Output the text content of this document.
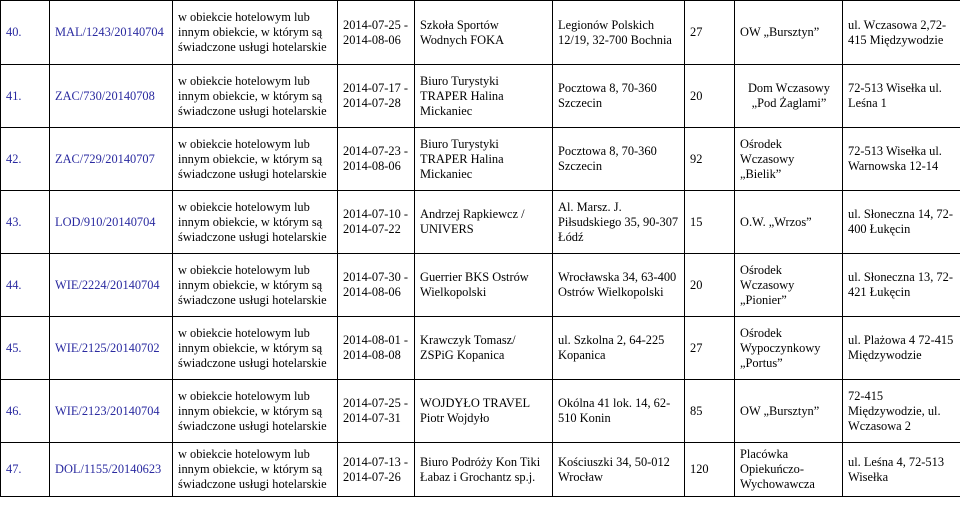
40.	MAL/1243/20140704	w obiekcie hotelowym lub innym obiekcie, w którym są świadczone usługi hotelarskie	2014-07-25 - 2014-08-06	Szkoła Sportów Wodnych FOKA	Legionów Polskich 12/19, 32-700 Bochnia	27	OW „Bursztyn”	ul. Wczasowa 2,72-415 Międzywodzie
41.	ZAC/730/20140708	w obiekcie hotelowym lub innym obiekcie, w którym są świadczone usługi hotelarskie	2014-07-17 - 2014-07-28	Biuro Turystyki TRAPER Halina Mickaniec	Pocztowa 8, 70-360 Szczecin	20	Dom Wczasowy „Pod Żaglami”	72-513 Wisełka ul. Leśna 1
42.	ZAC/729/20140707	w obiekcie hotelowym lub innym obiekcie, w którym są świadczone usługi hotelarskie	2014-07-23 - 2014-08-06	Biuro Turystyki TRAPER Halina Mickaniec	Pocztowa 8, 70-360 Szczecin	92	Ośrodek Wczasowy „Bielik”	72-513 Wisełka ul. Warnowska 12-14
43.	LOD/910/20140704	w obiekcie hotelowym lub innym obiekcie, w którym są świadczone usługi hotelarskie	2014-07-10 - 2014-07-22	Andrzej Rapkiewcz / UNIVERS	Al. Marsz. J. Piłsudskiego 35, 90-307 Łódź	15	O.W. „Wrzos”	ul. Słoneczna 14, 72-400 Łukęcin
44.	WIE/2224/20140704	w obiekcie hotelowym lub innym obiekcie, w którym są świadczone usługi hotelarskie	2014-07-30 - 2014-08-06	Guerrier BKS Ostrów Wielkopolski	Wrocławska 34, 63-400 Ostrów Wielkopolski	20	Ośrodek Wczasowy „Pionier”	ul. Słoneczna 13, 72-421 Łukęcin
45.	WIE/2125/20140702	w obiekcie hotelowym lub innym obiekcie, w którym są świadczone usługi hotelarskie	2014-08-01 - 2014-08-08	Krawczyk Tomasz/ ZSPiG Kopanica	ul. Szkolna 2, 64-225 Kopanica	27	Ośrodek Wypoczynkowy „Portus”	ul. Plażowa 4 72-415 Międzywodzie
46.	WIE/2123/20140704	w obiekcie hotelowym lub innym obiekcie, w którym są świadczone usługi hotelarskie	2014-07-25 - 2014-07-31	WOJDYŁO TRAVEL Piotr Wojdyło	Okólna 41 lok. 14, 62-510 Konin	85	OW „Bursztyn”	72-415 Międzywodzie, ul. Wczasowa 2
47.	DOL/1155/20140623	w obiekcie hotelowym lub innym obiekcie, w którym są świadczone usługi hotelarskie	2014-07-13 - 2014-07-26	Biuro Podróży Kon Tiki Łabaz i Grochantz sp.j.	Kościuszki 34, 50-012 Wrocław	120	Placówka Opiekuńczo-Wychowawcza	ul. Leśna 4, 72-513 Wisełka
